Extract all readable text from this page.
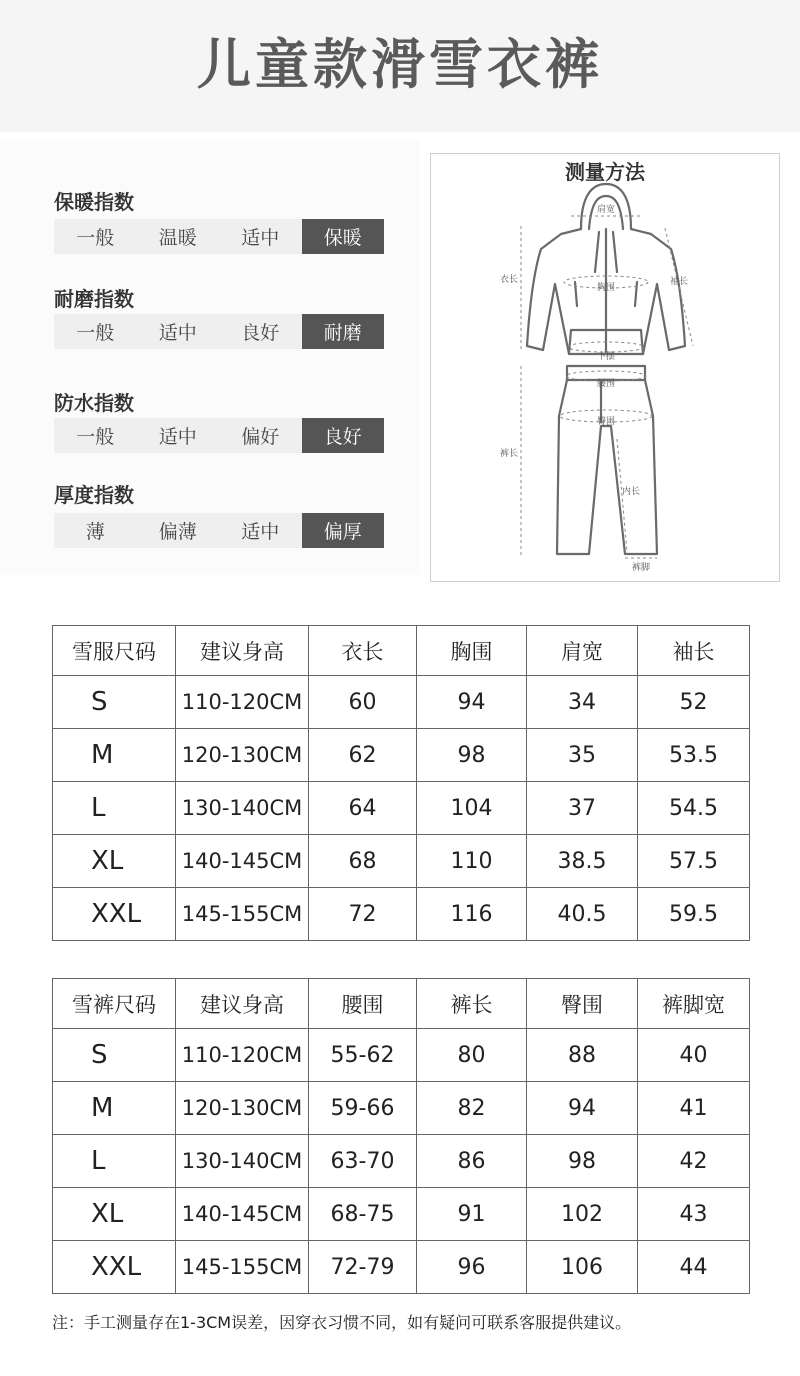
儿童款滑雪衣裤
保暖指数
一般	温暖	适中	保暖
耐磨指数
一般	适中	良好	耐磨
防水指数
一般	适中	偏好	良好
厚度指数
薄	偏薄	适中	偏厚
测量方法
肩宽
胸围
衣长	袖长
下摆
腰围
臀围
裤长
内长
裤脚
雪服尺码	建议身高	衣长	胸围	肩宽	袖长
S	110-120CM	60	94	34	52
M	120-130CM	62	98	35	53.5
L	130-140CM	64	104	37	54.5
XL	140-145CM	68	110	38.5	57.5
XXL	145-155CM	72	116	40.5	59.5
雪裤尺码	建议身高	腰围	裤长	臀围	裤脚宽
S	110-120CM	55-62	80	88	40
M	120-130CM	59-66	82	94	41
L	130-140CM	63-70	86	98	42
XL	140-145CM	68-75	91	102	43
XXL	145-155CM	72-79	96	106	44
注：手工测量存在1-3CM误差，因穿衣习惯不同，如有疑问可联系客服提供建议。
